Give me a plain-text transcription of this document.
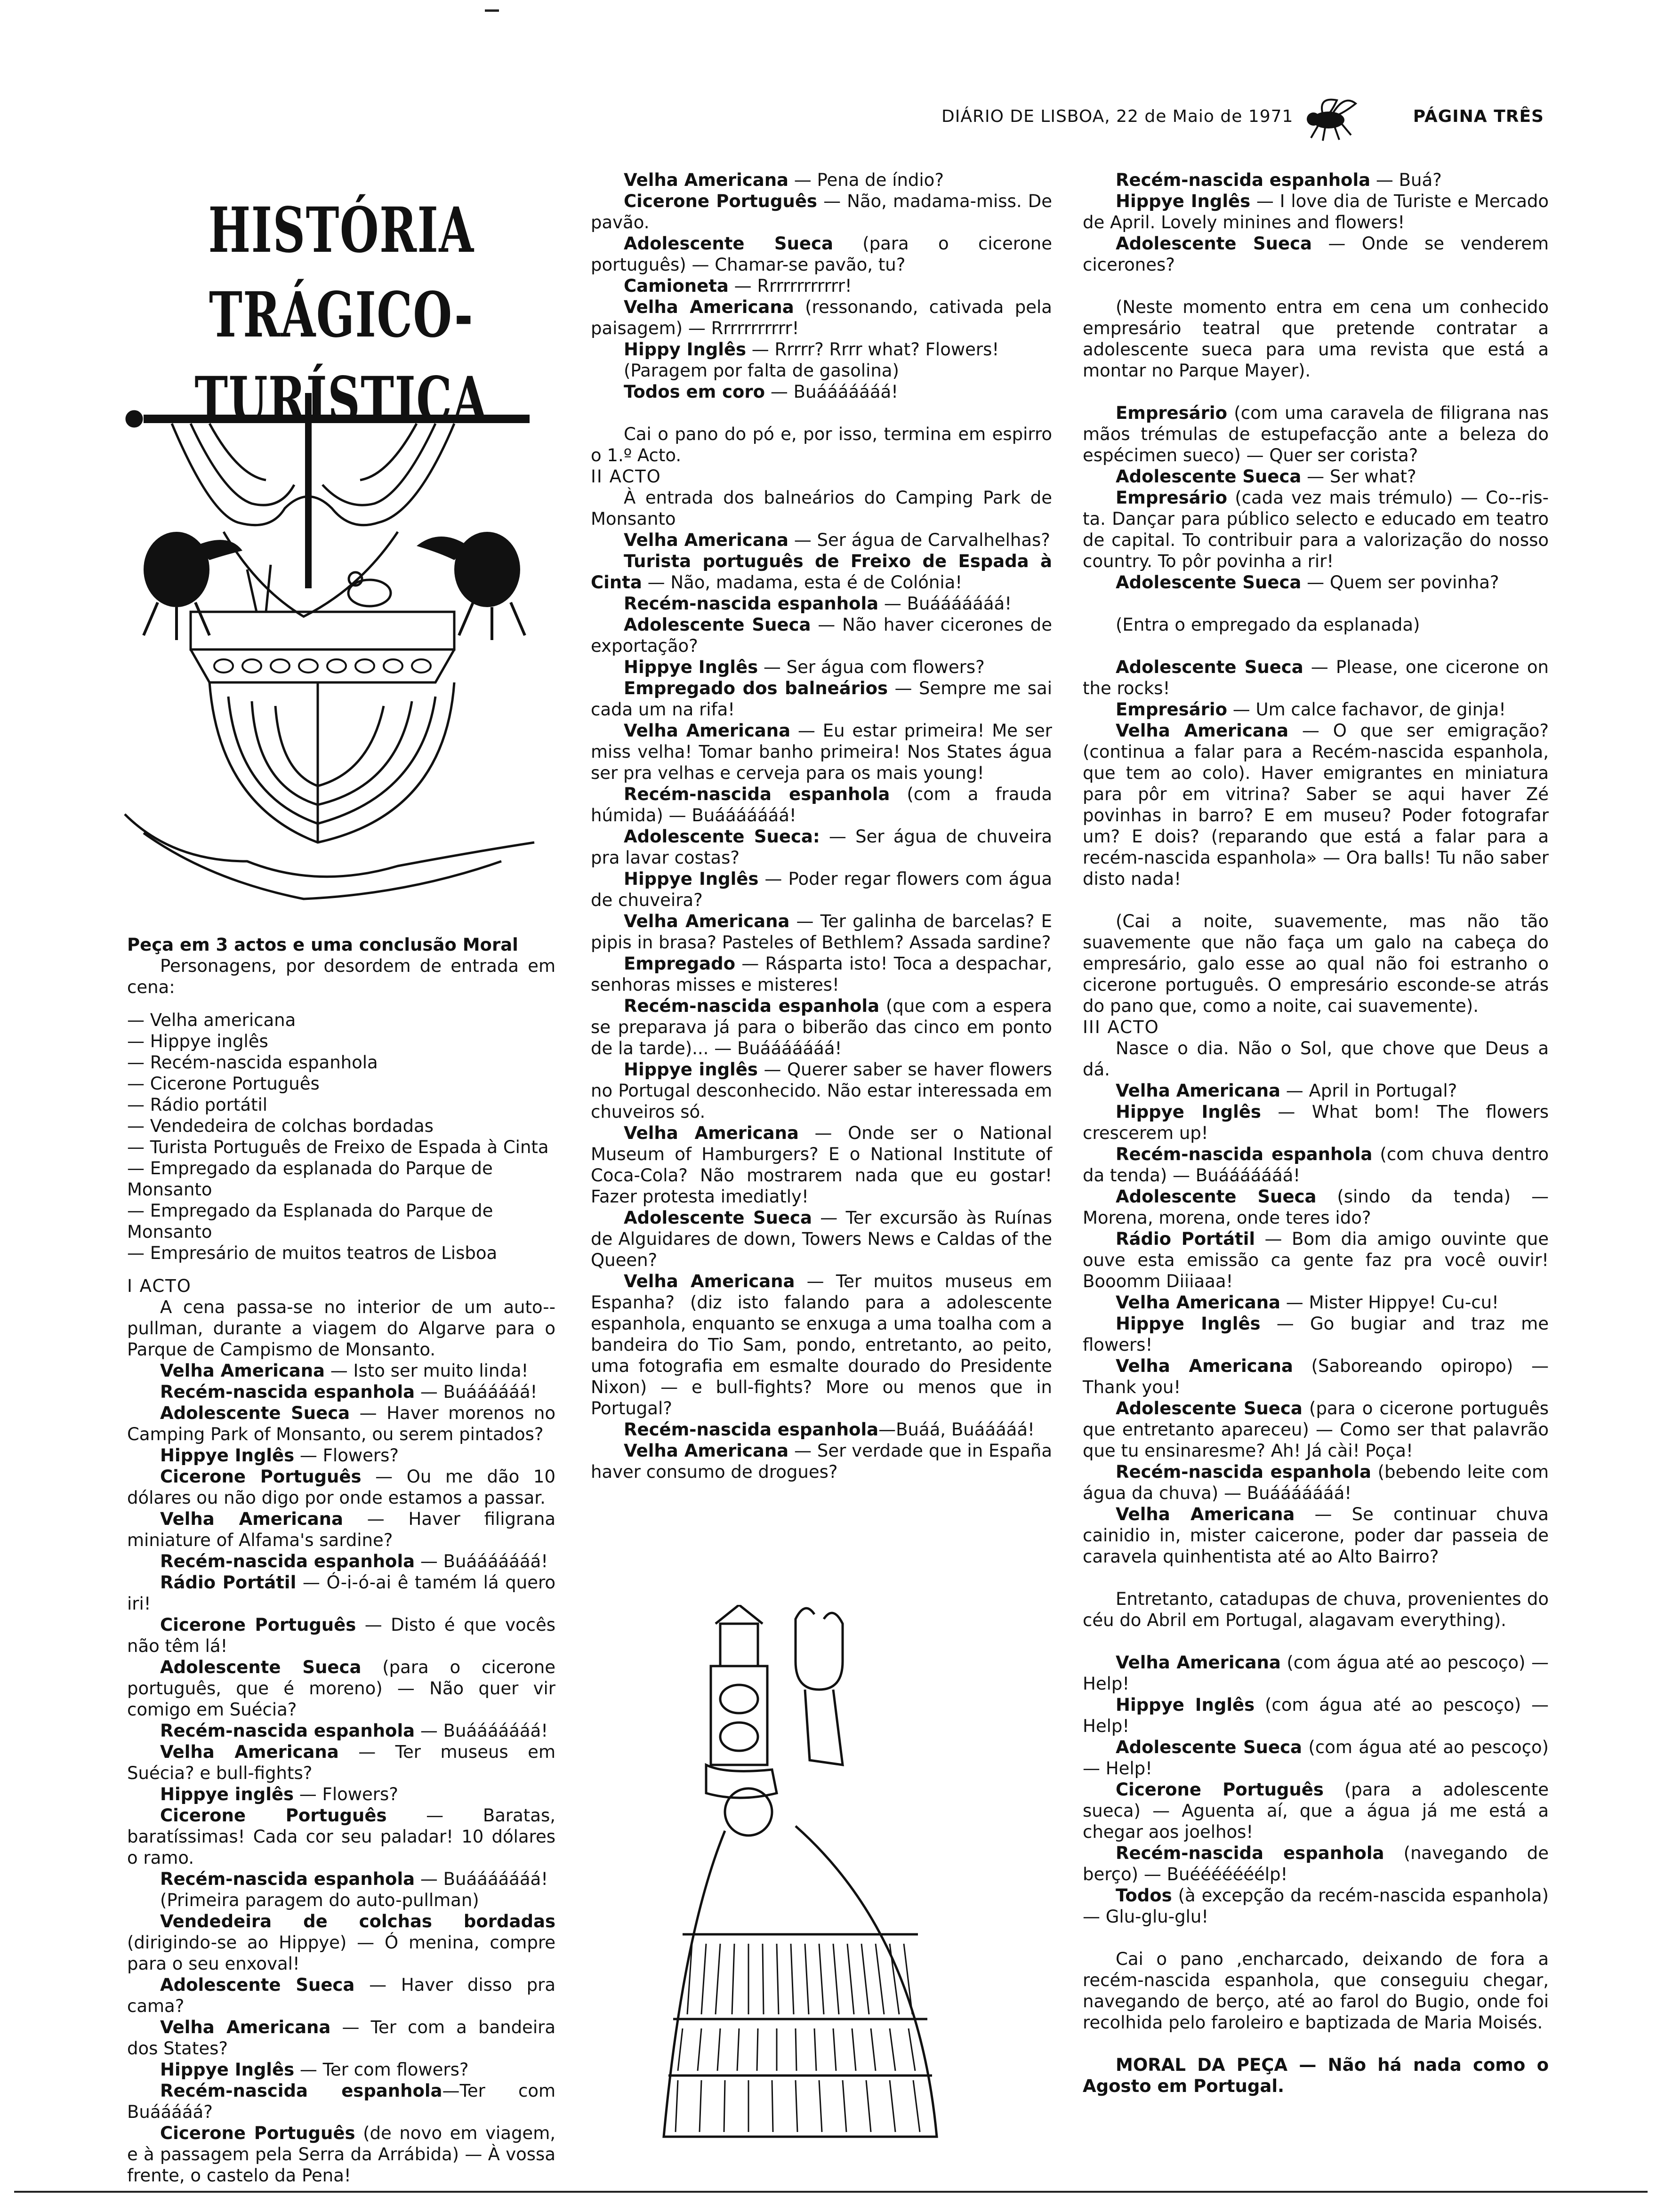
DIÁRIO DE LISBOA, 22 de Maio de 1971	PÁGINA TRÊS

HISTÓRIA

TRÁGICO-TURÍSTICA

Peça em 3 actos e uma conclusão Moral

Personagens, por desordem de entrada em cena:

— Velha americana
— Hippye inglês
— Recém-nascida espanhola
— Cicerone Português
— Rádio portátil
— Vendedeira de colchas bordadas
— Turista Português de Freixo de Espada à Cinta
— Empregado da esplanada do Parque de Monsanto
— Empregado da Esplanada do Parque de Monsanto
— Empresário de muitos teatros de Lisboa

I ACTO

A cena passa-se no interior de um auto--pullman, durante a viagem do Algarve para o Parque de Campismo de Monsanto.

Velha Americana — Isto ser muito linda!

Recém-nascida espanhola — Buáááááá!

Adolescente Sueca — Haver morenos no Camping Park of Monsanto, ou serem pintados?

Hippye Inglês — Flowers?

Cicerone Português — Ou me dão 10 dólares ou não digo por onde estamos a passar.

Velha Americana — Haver filigrana miniature of Alfama's sardine?

Recém-nascida espanhola — Buááááááá!

Rádio Portátil — Ó-i-ó-ai ê tamém lá quero iri!

Cicerone Português — Disto é que vocês não têm lá!

Adolescente Sueca (para o cicerone português, que é moreno) — Não quer vir comigo em Suécia?

Recém-nascida espanhola — Buááááááá!

Velha Americana — Ter museus em Suécia? e bull-fights?

Hippye inglês — Flowers?

Cicerone Português — Baratas, baratíssimas! Cada cor seu paladar! 10 dólares o ramo.

Recém-nascida espanhola — Buááááááá!

(Primeira paragem do auto-pullman)

Vendedeira de colchas bordadas (dirigindo-se ao Hippye) — Ó menina, compre para o seu enxoval!

Adolescente Sueca — Haver disso pra cama?

Velha Americana — Ter com a bandeira dos States?

Hippye Inglês — Ter com flowers?

Recém-nascida espanhola—Ter com Buááááá?

Cicerone Português (de novo em viagem, e à passagem pela Serra da Arrábida) — À vossa frente, o castelo da Pena!

Velha Americana — Pena de índio?

Cicerone Português — Não, madama-miss. De pavão.

Adolescente Sueca (para o cicerone português) — Chamar-se pavão, tu?

Camioneta — Rrrrrrrrrrrr!

Velha Americana (ressonando, cativada pela paisagem) — Rrrrrrrrrrr!

Hippy Inglês — Rrrrr? Rrrr what? Flowers!

(Paragem por falta de gasolina)

Todos em coro — Buááááááá!

Cai o pano do pó e, por isso, termina em espirro o 1.º Acto.

II ACTO

À entrada dos balneários do Camping Park de Monsanto

Velha Americana — Ser água de Carvalhelhas?

Turista português de Freixo de Espada à Cinta — Não, madama, esta é de Colónia!

Recém-nascida espanhola — Buááááááá!

Adolescente Sueca — Não haver cicerones de exportação?

Hippye Inglês — Ser água com flowers?

Empregado dos balneários — Sempre me sai cada um na rifa!

Velha Americana — Eu estar primeira! Me ser miss velha! Tomar banho primeira! Nos States água ser pra velhas e cerveja para os mais young!

Recém-nascida espanhola (com a frauda húmida) — Buááááááá!

Adolescente Sueca: — Ser água de chuveira pra lavar costas?

Hippye Inglês — Poder regar flowers com água de chuveira?

Velha Americana — Ter galinha de barcelas? E pipis in brasa? Pasteles of Bethlem? Assada sardine?

Empregado — Ráspartа isto! Toca a despachar, senhoras misses e misteres!

Recém-nascida espanhola (que com a espera se preparava já para o biberão das cinco em ponto de la tarde)... — Buááááááá!

Hippye inglês — Querer saber se haver flowers no Portugal desconhecido. Não estar interessada em chuveiros só.

Velha Americana — Onde ser o National Museum of Hamburgers? E o National Institute of Coca-Cola? Não mostrarem nada que eu gostar! Fazer protesta imediatly!

Adolescente Sueca — Ter excursão às Ruínas de Alguidares de down, Towers News e Caldas of the Queen?

Velha Americana — Ter muitos museus em Espanha? (diz isto falando para a adolescente espanhola, enquanto se enxuga a uma toalha com a bandeira do Tio Sam, pondo, entretanto, ao peito, uma fotografia em esmalte dourado do Presidente Nixon) — e bull-fights? More ou menos que in Portugal?

Recém-nascida espanhola—Buáá, Buááááá!

Velha Americana — Ser verdade que in España haver consumo de drogues?

Recém-nascida espanhola — Buá?

Hippye Inglês — I love dia de Turiste e Mercado de April. Lovely minines and flowers!

Adolescente Sueca — Onde se venderem cicerones?

(Neste momento entra em cena um conhecido empresário teatral que pretende contratar a adolescente sueca para uma revista que está a montar no Parque Mayer).

Empresário (com uma caravela de filigrana nas mãos trémulas de estupefacção ante a beleza do espécimen sueco) — Quer ser corista?

Adolescente Sueca — Ser what?

Empresário (cada vez mais trémulo) — Co--ris-ta. Dançar para público selecto e educado em teatro de capital. To contribuir para a valorização do nosso country. To pôr povinha a rir!

Adolescente Sueca — Quem ser povinha?

(Entra o empregado da esplanada)

Adolescente Sueca — Please, one cicerone on the rocks!

Empresário — Um calce fachavor, de ginja!

Velha Americana — O que ser emigração? (continua a falar para a Recém-nascida espanhola, que tem ao colo). Haver emigrantes en miniatura para pôr em vitrina? Saber se aqui haver Zé povinhas in barro? E em museu? Poder fotografar um? E dois? (reparando que está a falar para a recém-nascida espanhola» — Ora balls! Tu não saber disto nada!

(Cai a noite, suavemente, mas não tão suavemente que não faça um galo na cabeça do empresário, galo esse ao qual não foi estranho o cicerone português. O empresário esconde-se atrás do pano que, como a noite, cai suavemente).

III ACTO

Nasce o dia. Não o Sol, que chove que Deus a dá.

Velha Americana — April in Portugal?

Hippye Inglês — What bom! The flowers crescerem up!

Recém-nascida espanhola (com chuva dentro da tenda) — Buááááááá!

Adolescente Sueca (sindo da tenda) — Morena, morena, onde teres ido?

Rádio Portátil — Bom dia amigo ouvinte que ouve esta emissão ca gente faz pra você ouvir! Booomm Diiiaaa!

Velha Americana — Mister Hippye! Cu-cu!

Hippye Inglês — Go bugiar and traz me flowers!

Velha Americana (Saboreando opiropo) — Thank you!

Adolescente Sueca (para o cicerone português que entretanto apareceu) — Como ser that palavrão que tu ensinaresme? Ah! Já cài! Poça!

Recém-nascida espanhola (bebendo leite com água da chuva) — Buááááááá!

Velha Americana — Se continuar chuva cainidio in, mister caicerone, poder dar passeia de caravela quinhentista até ao Alto Bairro?

Entretanto, catadupas de chuva, provenientes do céu do Abril em Portugal, alagavam everything).

Velha Americana (com água até ao pescoço) — Help!

Hippye Inglês (com água até ao pescoço) — Help!

Adolescente Sueca (com água até ao pescoço) — Help!

Cicerone Português (para a adolescente sueca) — Aguenta aí, que a água já me está a chegar aos joelhos!

Recém-nascida espanhola (navegando de berço) — Buééééééélp!

Todos (à excepção da recém-nascida espanhola) — Glu-glu-glu!

Cai o pano ,encharcado, deixando de fora a recém-nascida espanhola, que conseguiu chegar, navegando de berço, até ao farol do Bugio, onde foi recolhida pelo faroleiro e baptizada de Maria Moisés.

MORAL DA PEÇA — Não há nada como o Agosto em Portugal.
